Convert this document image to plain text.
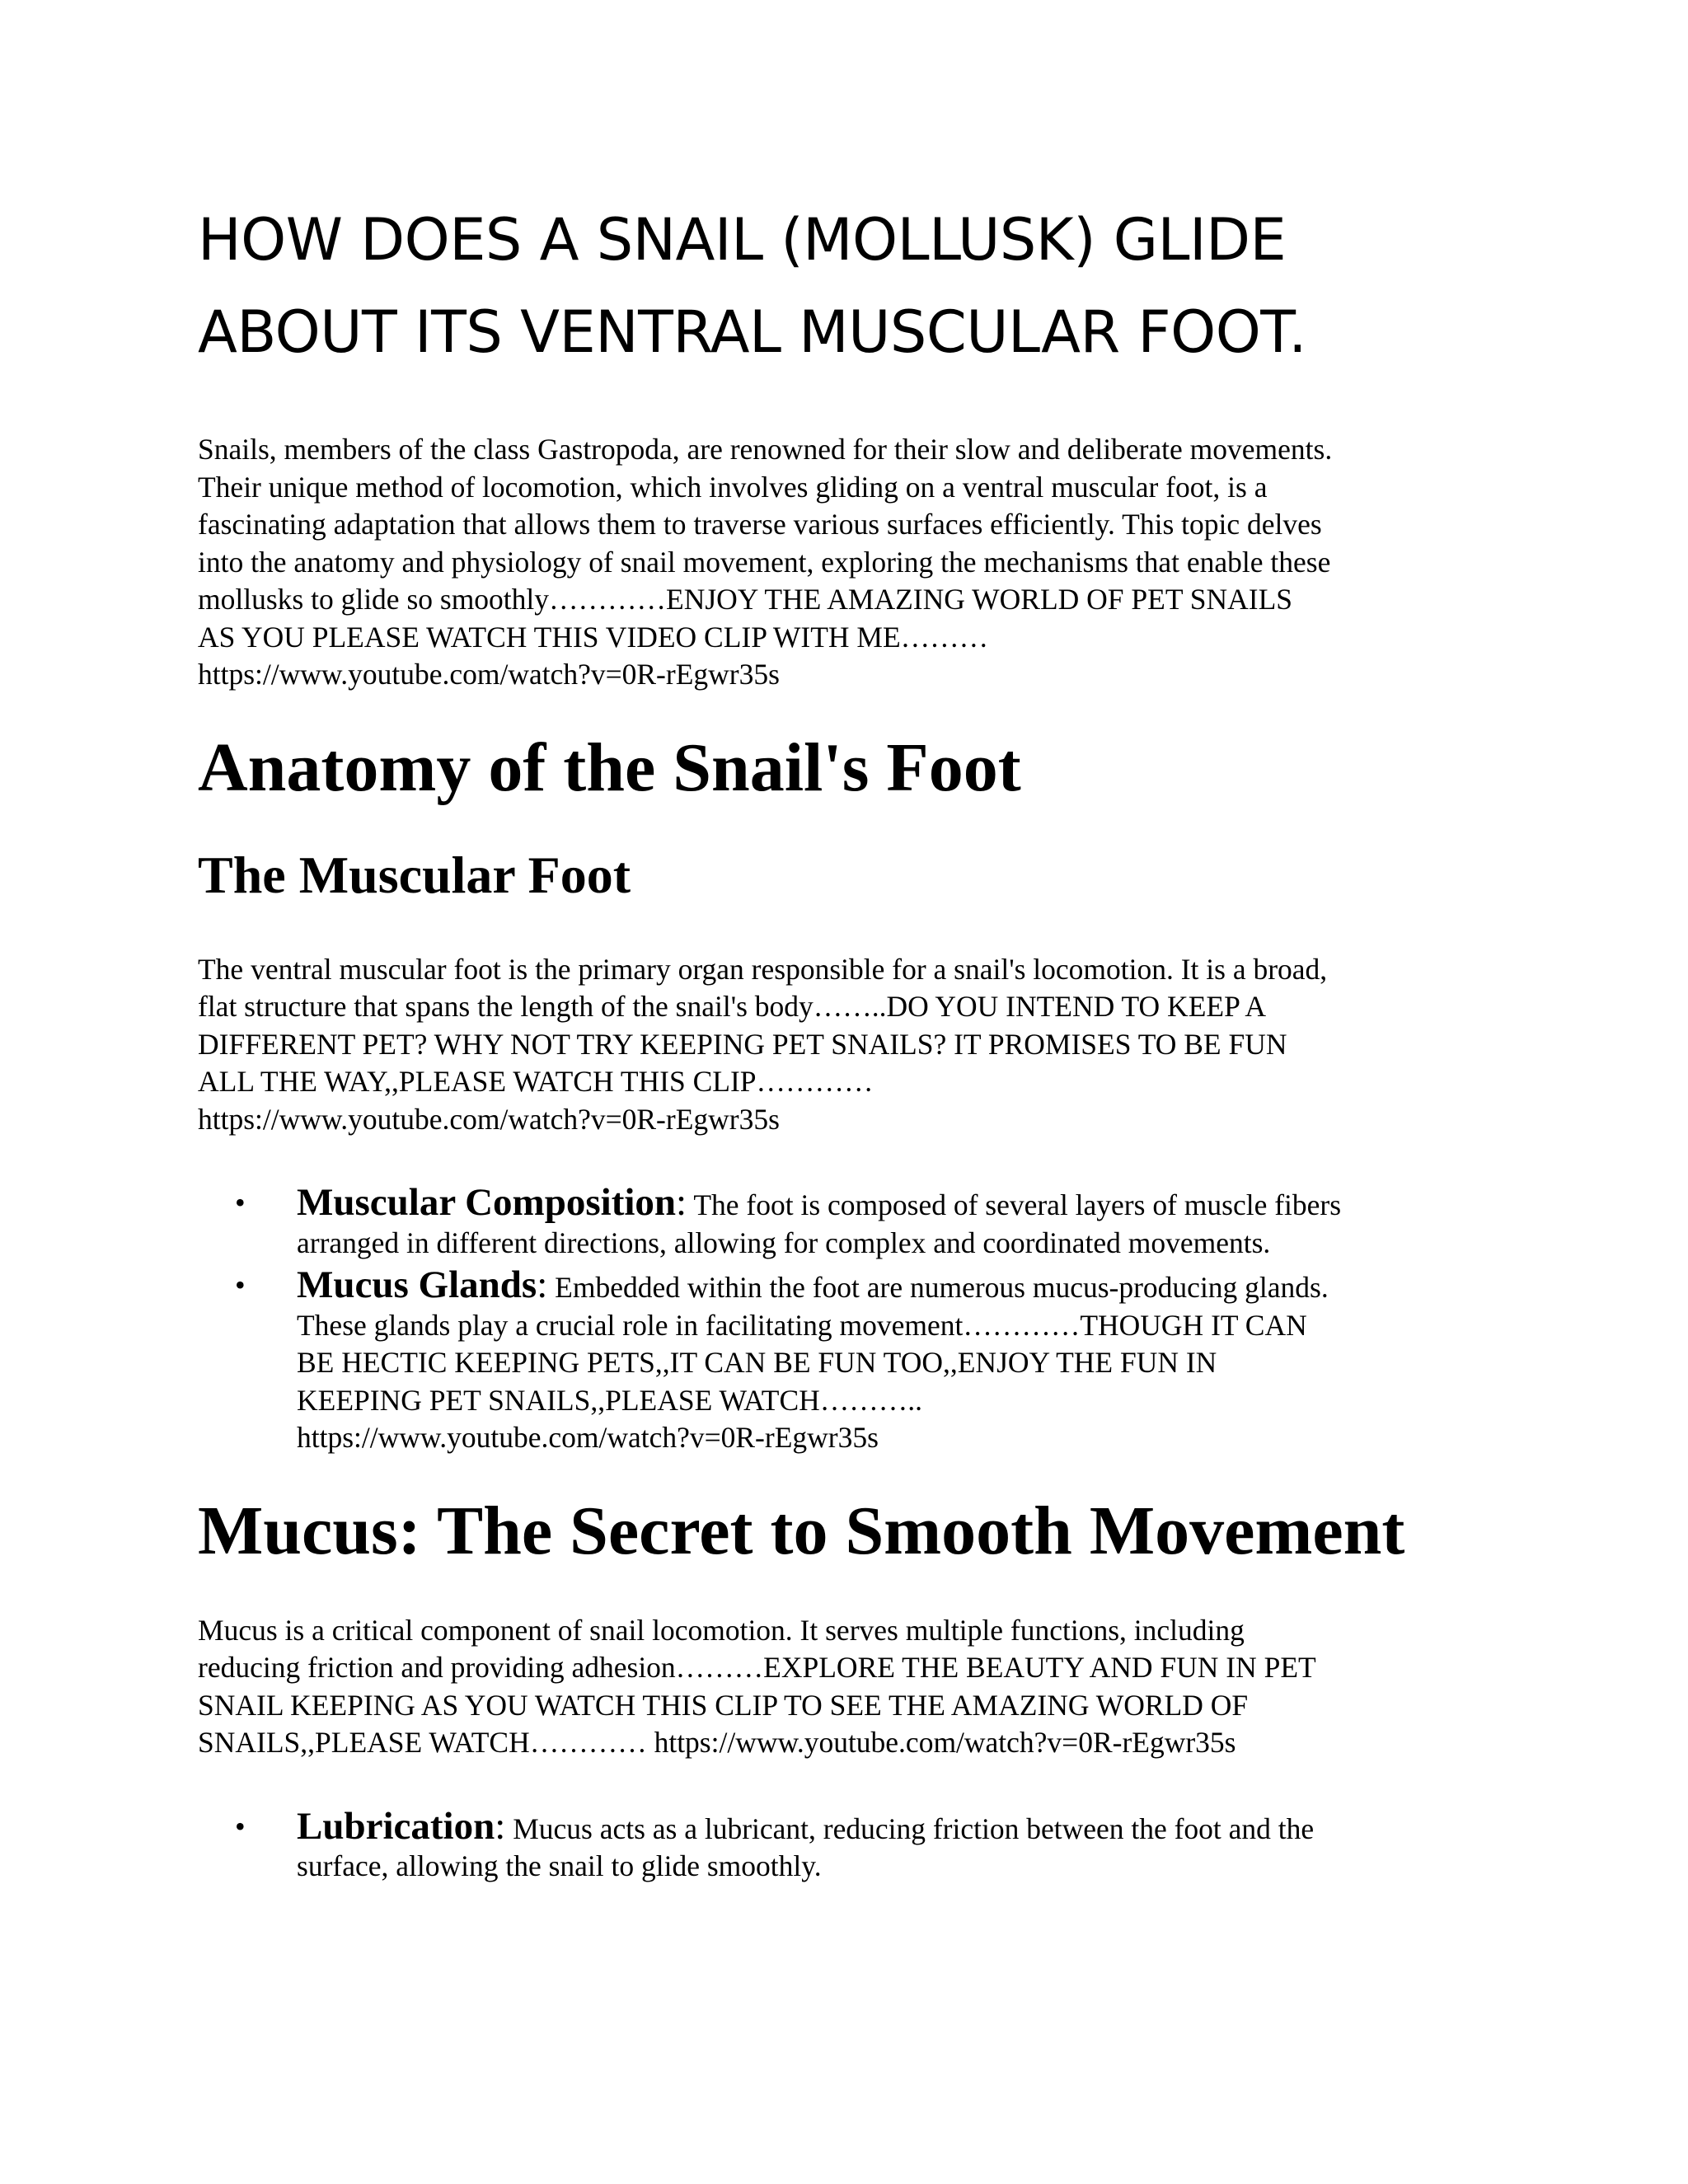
HOW DOES A SNAIL (MOLLUSK) GLIDE
ABOUT ITS VENTRAL MUSCULAR FOOT.

Snails, members of the class Gastropoda, are renowned for their slow and deliberate movements.
Their unique method of locomotion, which involves gliding on a ventral muscular foot, is a
fascinating adaptation that allows them to traverse various surfaces efficiently. This topic delves
into the anatomy and physiology of snail movement, exploring the mechanisms that enable these
mollusks to glide so smoothly…………ENJOY THE AMAZING WORLD OF PET SNAILS
AS YOU PLEASE WATCH THIS VIDEO CLIP WITH ME………
https://www.youtube.com/watch?v=0R-rEgwr35s

Anatomy of the Snail's Foot
The Muscular Foot

The ventral muscular foot is the primary organ responsible for a snail's locomotion. It is a broad,
flat structure that spans the length of the snail's body……..DO YOU INTEND TO KEEP A
DIFFERENT PET? WHY NOT TRY KEEPING PET SNAILS? IT PROMISES TO BE FUN
ALL THE WAY,,PLEASE WATCH THIS CLIP…………
https://www.youtube.com/watch?v=0R-rEgwr35s

• Muscular Composition: The foot is composed of several layers of muscle fibers
arranged in different directions, allowing for complex and coordinated movements.
• Mucus Glands: Embedded within the foot are numerous mucus-producing glands.
These glands play a crucial role in facilitating movement…………THOUGH IT CAN
BE HECTIC KEEPING PETS,,IT CAN BE FUN TOO,,ENJOY THE FUN IN
KEEPING PET SNAILS,,PLEASE WATCH………..
https://www.youtube.com/watch?v=0R-rEgwr35s
Mucus: The Secret to Smooth Movement

Mucus is a critical component of snail locomotion. It serves multiple functions, including
reducing friction and providing adhesion………EXPLORE THE BEAUTY AND FUN IN PET
SNAIL KEEPING AS YOU WATCH THIS CLIP TO SEE THE AMAZING WORLD OF
SNAILS,,PLEASE WATCH………… https://www.youtube.com/watch?v=0R-rEgwr35s

• Lubrication: Mucus acts as a lubricant, reducing friction between the foot and the
surface, allowing the snail to glide smoothly.
